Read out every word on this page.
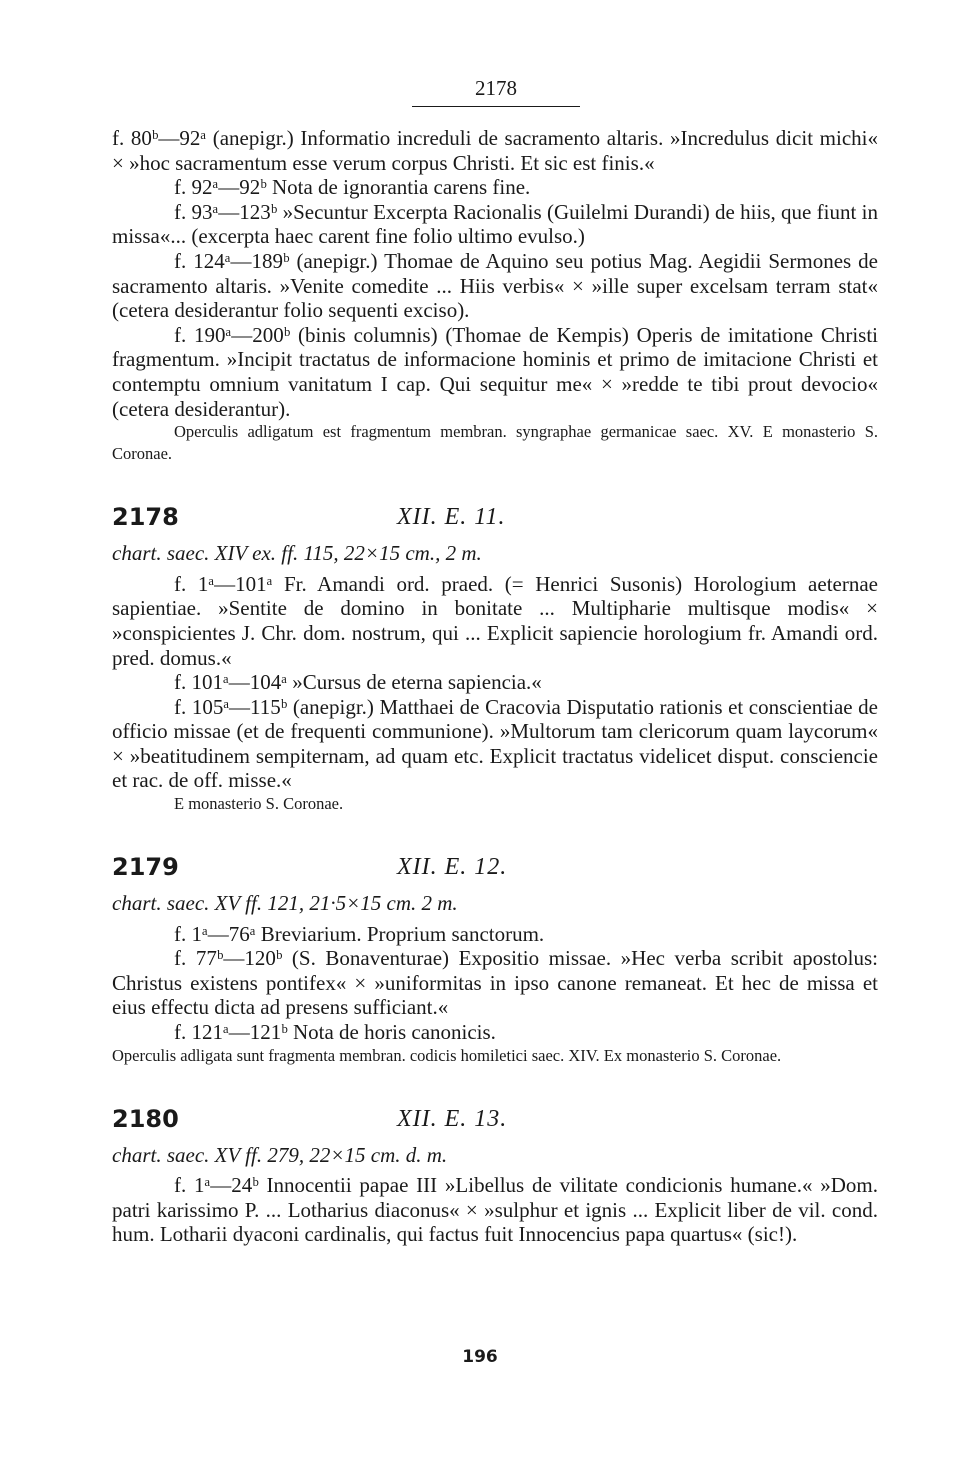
2178

f. 80ᵇ—92ᵃ (anepigr.) Informatio increduli de sacramento altaris. »Incredulus dicit michi« × »hoc sacramentum esse verum corpus Christi. Et sic est finis.«

f. 92ᵃ—92ᵇ Nota de ignorantia carens fine.

f. 93ᵃ—123ᵇ »Secuntur Excerpta Racionalis (Guilelmi Durandi) de hiis, que fiunt in missa«... (excerpta haec carent fine folio ultimo evulso.)

f. 124ᵃ—189ᵇ (anepigr.) Thomae de Aquino seu potius Mag. Aegidii Sermones de sacramento altaris. »Venite comedite ... Hiis verbis« × »ille super excelsam terram stat« (cetera desiderantur folio sequenti exciso).

f. 190ᵃ—200ᵇ (binis columnis) (Thomae de Kempis) Operis de imitatione Christi fragmentum. »Incipit tractatus de informacione hominis et primo de imitacione Christi et contemptu omnium vanitatum I cap. Qui sequitur me« × »redde te tibi prout devocio« (cetera desiderantur).

Operculis adligatum est fragmentum membran. syngraphae germanicae saec. XV. E monasterio S. Coronae.

2178	XII. E. 11.

chart. saec. XIV ex. ff. 115, 22×15 cm., 2 m.

f. 1ᵃ—101ᵃ Fr. Amandi ord. praed. (= Henrici Susonis) Horologium aeternae sapientiae. »Sentite de domino in bonitate ... Multipharie multisque modis« × »conspicientes J. Chr. dom. nostrum, qui ... Explicit sapiencie horologium fr. Amandi ord. pred. domus.«

f. 101ᵃ—104ᵃ »Cursus de eterna sapiencia.«

f. 105ᵃ—115ᵇ (anepigr.) Matthaei de Cracovia Disputatio rationis et conscientiae de officio missae (et de frequenti communione). »Multorum tam clericorum quam laycorum« × »beatitudinem sempiternam, ad quam etc. Explicit tractatus videlicet disput. consciencie et rac. de off. misse.«

E monasterio S. Coronae.

2179	XII. E. 12.

chart. saec. XV ff. 121, 21·5×15 cm. 2 m.

f. 1ᵃ—76ᵃ Breviarium. Proprium sanctorum.

f. 77ᵇ—120ᵇ (S. Bonaventurae) Expositio missae. »Hec verba scribit apostolus: Christus existens pontifex« × »uniformitas in ipso canone remaneat. Et hec de missa et eius effectu dicta ad presens sufficiant.«

f. 121ᵃ—121ᵇ Nota de horis canonicis.

Operculis adligata sunt fragmenta membran. codicis homiletici saec. XIV. Ex monasterio S. Coronae.

2180	XII. E. 13.

chart. saec. XV ff. 279, 22×15 cm. d. m.

f. 1ᵃ—24ᵇ Innocentii papae III »Libellus de vilitate condicionis humane.« »Dom. patri karissimo P. ... Lotharius diaconus« × »sulphur et ignis ... Explicit liber de vil. cond. hum. Lotharii dyaconi cardinalis, qui factus fuit Innocencius papa quartus« (sic!).

196
